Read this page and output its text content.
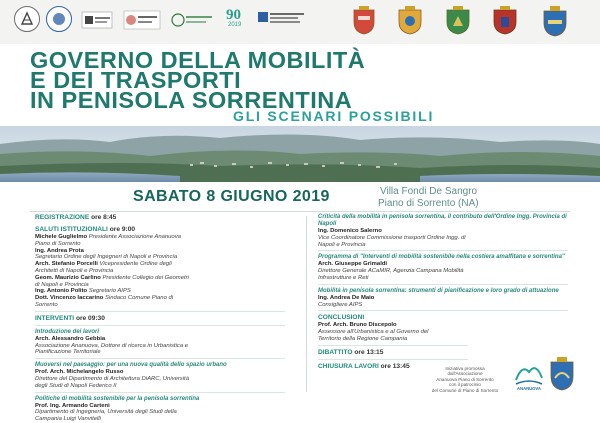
90
2019
GOVERNO DELLA MOBILITÀ
E DEI TRASPORTI
IN PENISOLA SORRENTINA
GLI SCENARI POSSIBILI
SABATO 8 GIUGNO 2019	Villa Fondi De Sangro
Piano di Sorrento (NA)
REGISTRAZIONE ore 8:45
SALUTI ISTITUZIONALI ore 9:00
Michele Guglielmo Presidente Associazione Ananuova
Piano di Sorrento
Ing. Andrea Prota
Segretario Ordine degli Ingegneri di Napoli e Provincia
Arch. Stefanio Porcelli Vicepresidente Ordine degli
Architetti di Napoli e Provincia
Geom. Maurizio Carlino Presidente Collegio dei Geometri
di Napoli e Provincia
Ing. Antonio Polito Segretario AIPS
Dott. Vincenzo Iaccarino Sindaco Comune Piano di
Sorrento
INTERVENTI ore 09:30
Introduzione dei lavori
Arch. Alessandro Gebbia
Associazione Ananuova, Dottore di ricerca in Urbanistica e
Pianificazione Territoriale
Muoversi nel paesaggio: per una nuova qualità dello spazio urbano
Prof. Arch. Michelangelo Russo
Direttore del Dipartimento di Architettura DiARC, Università
degli Studi di Napoli Federico II
Politiche di mobilità sostenibile per la penisola sorrentina
Prof. Ing. Armando Cartenì
Dipartimento di Ingegneria, Università degli Studi della
Campania Luigi Vanvitelli
Criticità della mobilità in penisola sorrentina, il contributo dell'Ordine Ingg. Provincia di Napoli
Ing. Domenico Salerno
Vice Coordinatore Commissione trasporti Ordine Ingg. di
Napoli e Provincia
Programma di "Interventi di mobilità sostenibile nella costiera amalfitana e sorrentina"
Arch. Giuseppe Grimaldi
Direttore Generale ACaMIR, Agenzia Campana Mobilità
Infrastrutture e Reti
Mobilità in penisola sorrentina: strumenti di pianificazione e loro grado di attuazione
Ing. Andrea De Maio
Consigliere AIPS
CONCLUSIONI
Prof. Arch. Bruno Discepolo
Assessore all'Urbanistica e al Governo del
Territorio della Regione Campania
DIBATTITO ore 13:15
CHIUSURA LAVORI ore 13:45	Iniziativa promossa
dall'Associazione
Ananuova Piano di Sorrento
con il patrocinio
del Comune di Piano di Sorrento	ANANUOVA
